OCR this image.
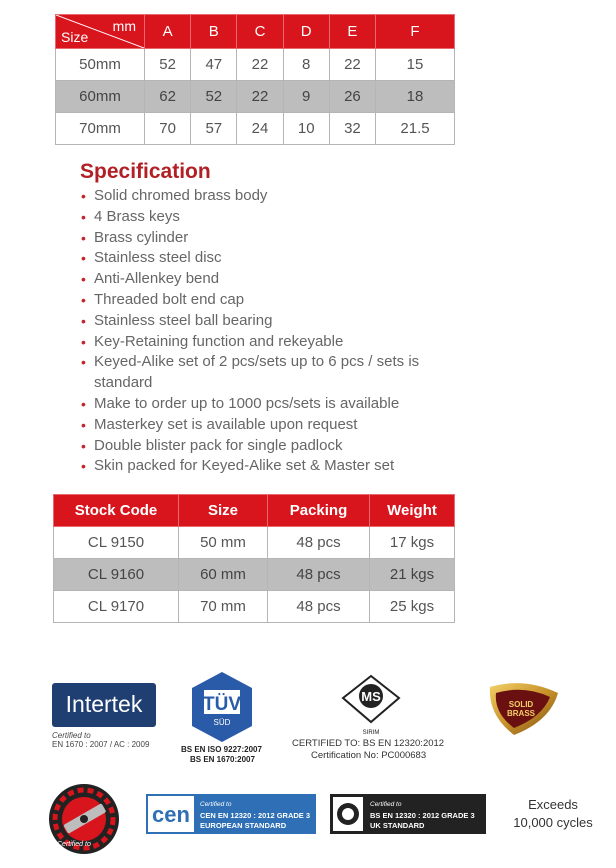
mm
Size	A	B	C	D	E	F
50mm	52	47	22	8	22	15
60mm	62	52	22	9	26	18
70mm	70	57	24	10	32	21.5
Specification
• Solid chromed brass body
• 4 Brass keys
• Brass cylinder
• Stainless steel disc
• Anti-Allenkey bend
• Threaded bolt end cap
• Stainless steel ball bearing
• Key-Retaining function and rekeyable
• Keyed-Alike set of 2 pcs/sets up to 6 pcs / sets is standard
• Make to order up to 1000 pcs/sets is available
• Masterkey set is available upon request
• Double blister pack for single padlock
• Skin packed for Keyed-Alike set & Master set
Stock Code	Size	Packing	Weight
CL 9150	50 mm	48 pcs	17 kgs
CL 9160	60 mm	48 pcs	21 kgs
CL 9170	70 mm	48 pcs	25 kgs
Intertek
Certified to
EN 1670 : 2007 / AC : 2009
TÜV
SÜD
BS EN ISO 9227:2007
BS EN 1670:2007
MS
SIRIM
CERTIFIED TO: BS EN 12320:2012
Certification No: PC000683
SOLID
BRASS
Certified to
cen Certified to
CEN EN 12320 : 2012 GRADE 3
EUROPEAN STANDARD
Certified to
BS EN 12320 : 2012 GRADE 3
UK STANDARD
Exceeds
10,000 cycles
